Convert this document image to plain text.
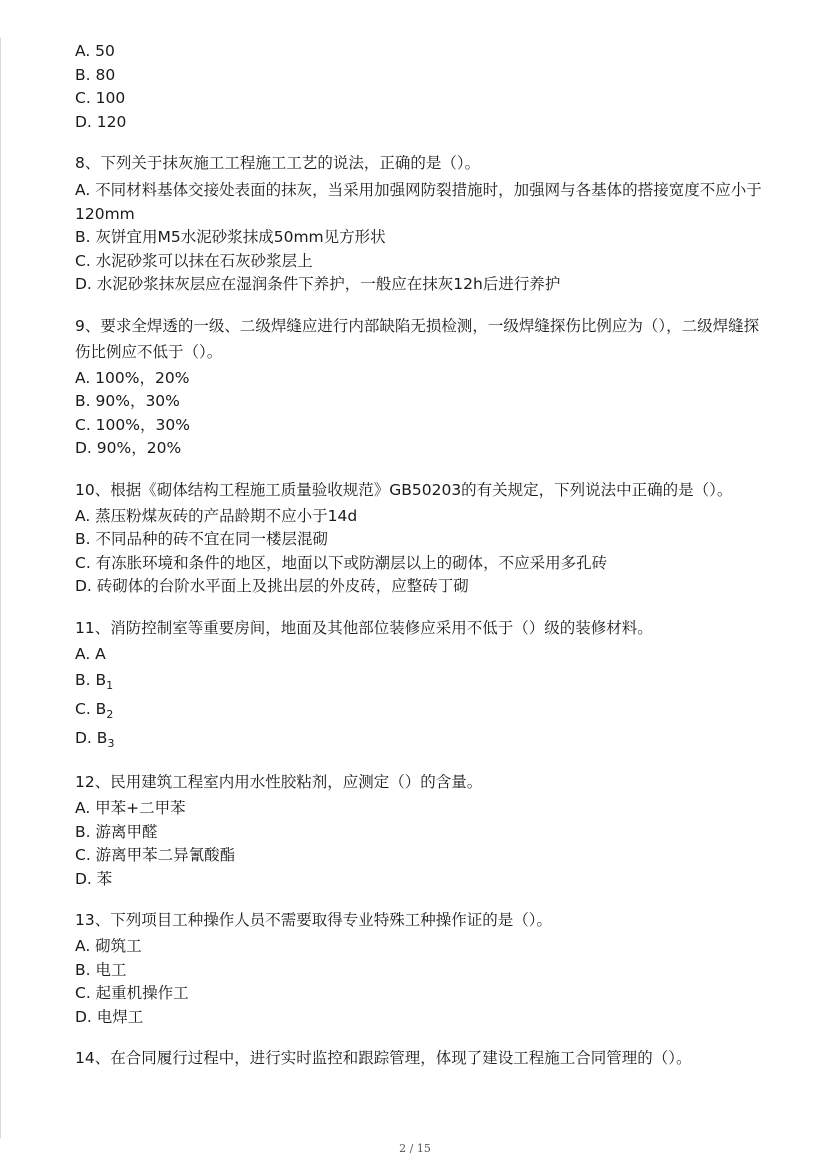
A. 50
B. 80
C. 100
D. 120
8、下列关于抹灰施工工程施工工艺的说法，正确的是（）。
A. 不同材料基体交接处表面的抹灰，当采用加强网防裂措施时，加强网与各基体的搭接宽度不应小于120mm
B. 灰饼宜用M5水泥砂浆抹成50mm见方形状
C. 水泥砂浆可以抹在石灰砂浆层上
D. 水泥砂浆抹灰层应在湿润条件下养护，一般应在抹灰12h后进行养护
9、要求全焊透的一级、二级焊缝应进行内部缺陷无损检测，一级焊缝探伤比例应为（），二级焊缝探伤比例应不低于（）。
A. 100%，20%
B. 90%，30%
C. 100%，30%
D. 90%，20%
10、根据《砌体结构工程施工质量验收规范》GB50203的有关规定，下列说法中正确的是（）。
A. 蒸压粉煤灰砖的产品龄期不应小于14d
B. 不同品种的砖不宜在同一楼层混砌
C. 有冻胀环境和条件的地区，地面以下或防潮层以上的砌体，不应采用多孔砖
D. 砖砌体的台阶水平面上及挑出层的外皮砖，应整砖丁砌
11、消防控制室等重要房间，地面及其他部位装修应采用不低于（）级的装修材料。
A. A
B. $B_1$
C. $B_2$
D. $B_3$
12、民用建筑工程室内用水性胶粘剂，应测定（）的含量。
A. 甲苯+二甲苯
B. 游离甲醛
C. 游离甲苯二异氰酸酯
D. 苯
13、下列项目工种操作人员不需要取得专业特殊工种操作证的是（）。
A. 砌筑工
B. 电工
C. 起重机操作工
D. 电焊工
14、在合同履行过程中，进行实时监控和跟踪管理，体现了建设工程施工合同管理的（）。
2 / 15
